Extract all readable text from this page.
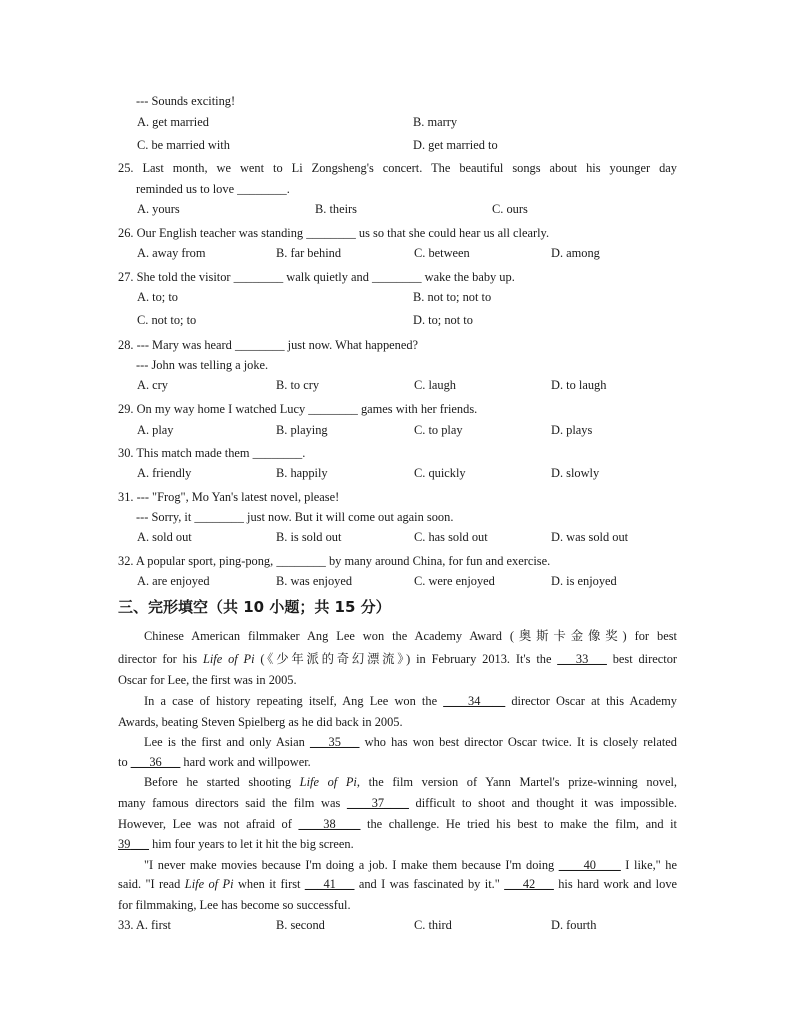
--- Sounds exciting!
A. get married	B. marry
C. be married with	D. get married to
25. Last month, we went to Li Zongsheng's concert. The beautiful songs about his younger day
reminded us to love ________.
A. yours	B. theirs	C. ours
26. Our English teacher was standing ________ us so that she could hear us all clearly.
A. away from	B. far behind	C. between	D. among
27. She told the visitor ________ walk quietly and ________ wake the baby up.
A. to; to	B. not to; not to
C. not to; to	D. to; not to
28. --- Mary was heard ________ just now. What happened?
--- John was telling a joke.
A. cry	B. to cry	C. laugh	D. to laugh
29. On my way home I watched Lucy ________ games with her friends.
A. play	B. playing	C. to play	D. plays
30. This match made them ________.
A. friendly	B. happily	C. quickly	D. slowly
31. --- "Frog", Mo Yan's latest novel, please!
--- Sorry, it ________ just now. But it will come out again soon.
A. sold out	B. is sold out	C. has sold out	D. was sold out
32. A popular sport, ping-pong, ________ by many around China, for fun and exercise.
A. are enjoyed	B. was enjoyed	C. were enjoyed	D. is enjoyed
三、完形填空（共 10 小题；共 15 分）
Chinese American filmmaker Ang Lee won the Academy Award (奥斯卡金像奖) for best
director for his Life of Pi (《少年派的奇幻漂流》) in February 2013. It's the ___33___ best director
Oscar for Lee, the first was in 2005.
In a case of history repeating itself, Ang Lee won the ____34____ director Oscar at this Academy
Awards, beating Steven Spielberg as he did back in 2005.
Lee is the first and only Asian ___35___ who has won best director Oscar twice. It is closely related
to ___36___ hard work and willpower.
Before he started shooting Life of Pi, the film version of Yann Martel's prize-winning novel,
many famous directors said the film was ____37____ difficult to shoot and thought it was impossible.
However, Lee was not afraid of ____38____ the challenge. He tried his best to make the film, and it
39___ him four years to let it hit the big screen.
"I never make movies because I'm doing a job. I make them because I'm doing ____40____ I like," he
said. "I read Life of Pi when it first ___41___ and I was fascinated by it." ___42___ his hard work and love
for filmmaking, Lee has become so successful.
33. A. first	B. second	C. third	D. fourth
